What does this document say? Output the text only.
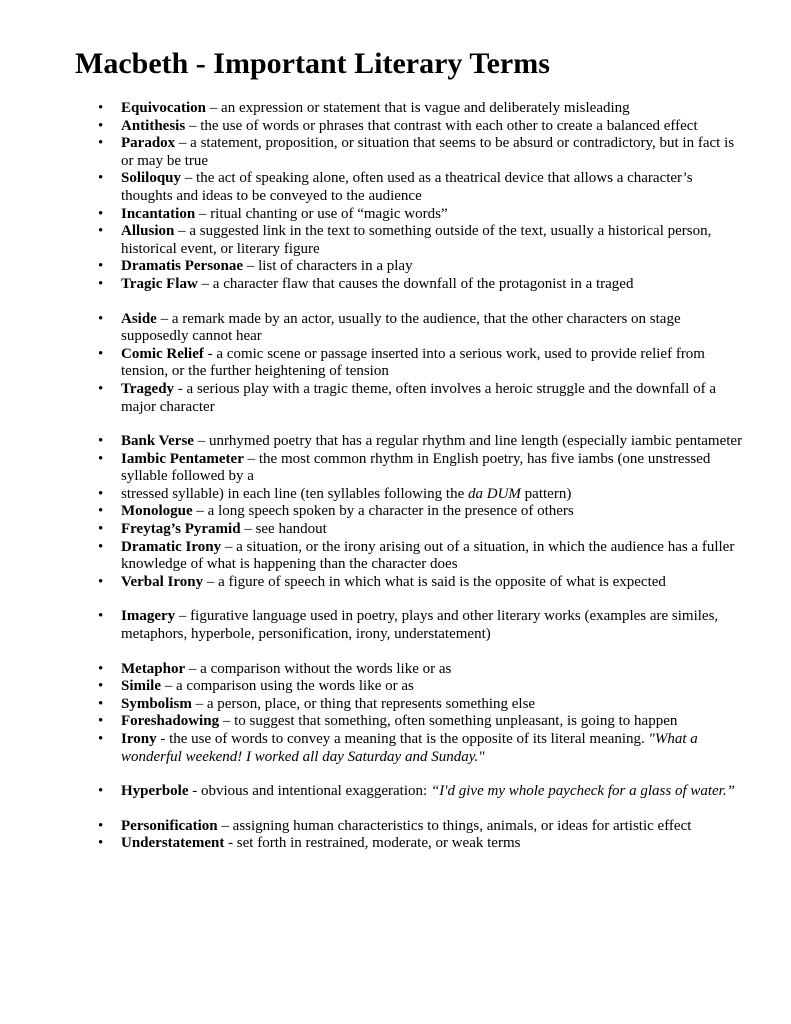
Macbeth - Important Literary Terms
• Equivocation – an expression or statement that is vague and deliberately misleading
• Antithesis – the use of words or phrases that contrast with each other to create a balanced effect
• Paradox – a statement, proposition, or situation that seems to be absurd or contradictory, but in fact is or may be true
• Soliloquy – the act of speaking alone, often used as a theatrical device that allows a character’s thoughts and ideas to be conveyed to the audience
• Incantation – ritual chanting or use of “magic words”
• Allusion – a suggested link in the text to something outside of the text, usually a historical person, historical event, or literary figure
• Dramatis Personae – list of characters in a play
• Tragic Flaw – a character flaw that causes the downfall of the protagonist in a traged
• Aside – a remark made by an actor, usually to the audience, that the other characters on stage supposedly cannot hear
• Comic Relief - a comic scene or passage inserted into a serious work, used to provide relief from tension, or the further heightening of tension
• Tragedy - a serious play with a tragic theme, often involves a heroic struggle and the downfall of a major character
• Bank Verse – unrhymed poetry that has a regular rhythm and line length (especially iambic pentameter
• Iambic Pentameter – the most common rhythm in English poetry, has five iambs (one unstressed syllable followed by a
• stressed syllable) in each line (ten syllables following the da DUM pattern)
• Monologue – a long speech spoken by a character in the presence of others
• Freytag’s Pyramid – see handout
• Dramatic Irony – a situation, or the irony arising out of a situation, in which the audience has a fuller knowledge of what is happening than the character does
• Verbal Irony – a figure of speech in which what is said is the opposite of what is expected
• Imagery – figurative language used in poetry, plays and other literary works (examples are similes, metaphors, hyperbole, personification, irony, understatement)
• Metaphor – a comparison without the words like or as
• Simile – a comparison using the words like or as
• Symbolism – a person, place, or thing that represents something else
• Foreshadowing – to suggest that something, often something unpleasant, is going to happen
• Irony - the use of words to convey a meaning that is the opposite of its literal meaning. "What a wonderful weekend! I worked all day Saturday and Sunday."
• Hyperbole - obvious and intentional exaggeration: “I'd give my whole paycheck for a glass of water.”
• Personification – assigning human characteristics to things, animals, or ideas for artistic effect
• Understatement - set forth in restrained, moderate, or weak terms
